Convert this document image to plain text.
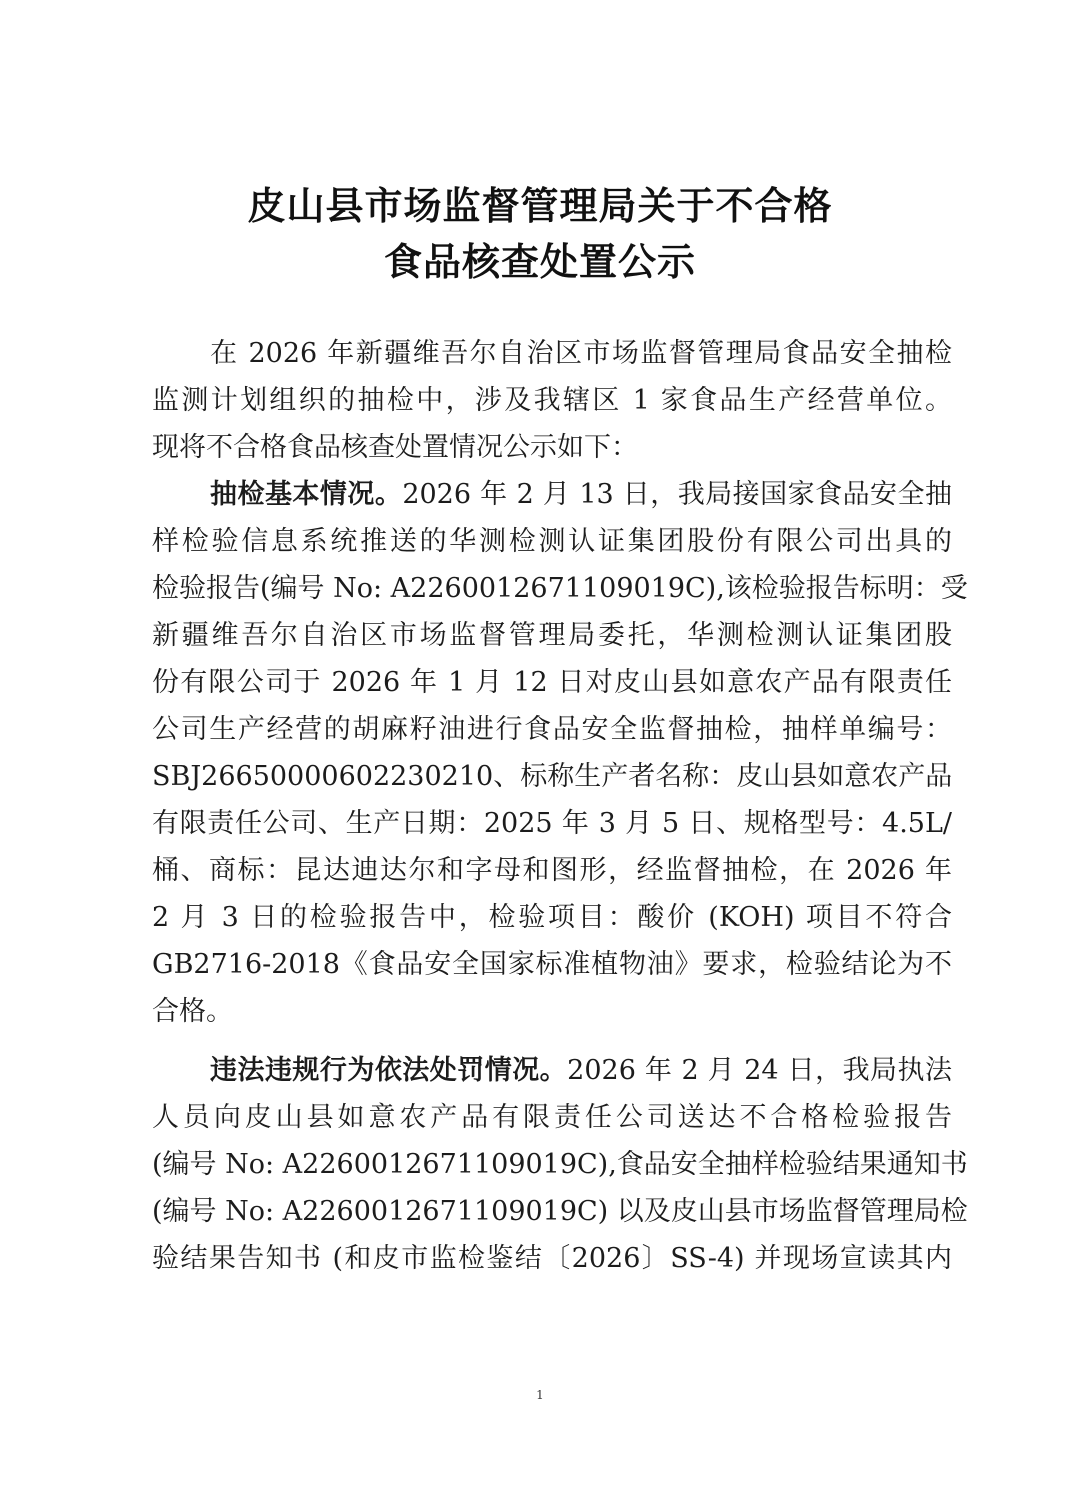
皮山县市场监督管理局关于不合格
食品核查处置公示
在 2026 年新疆维吾尔自治区市场监督管理局食品安全抽检
监测计划组织的抽检中，涉及我辖区 1 家食品生产经营单位。
现将不合格食品核查处置情况公示如下：
抽检基本情况。2026 年 2 月 13 日，我局接国家食品安全抽
样检验信息系统推送的华测检测认证集团股份有限公司出具的
检验报告(编号 No: A2260012671109019C),该检验报告标明：受
新疆维吾尔自治区市场监督管理局委托，华测检测认证集团股
份有限公司于 2026 年 1 月 12 日对皮山县如意农产品有限责任
公司生产经营的胡麻籽油进行食品安全监督抽检，抽样单编号：
SBJ26650000602230210、标称生产者名称：皮山县如意农产品
有限责任公司、生产日期：2025 年 3 月 5 日、规格型号：4.5L/
桶、商标：昆达迪达尔和字母和图形，经监督抽检，在 2026 年
2 月 3 日的检验报告中，检验项目：酸价 (KOH) 项目不符合
GB2716-2018《食品安全国家标准植物油》要求，检验结论为不
合格。
违法违规行为依法处罚情况。2026 年 2 月 24 日，我局执法
人员向皮山县如意农产品有限责任公司送达不合格检验报告
(编号 No: A2260012671109019C),食品安全抽样检验结果通知书
(编号 No: A2260012671109019C) 以及皮山县市场监督管理局检
验结果告知书 (和皮市监检鉴结〔2026〕SS-4) 并现场宣读其内
1
